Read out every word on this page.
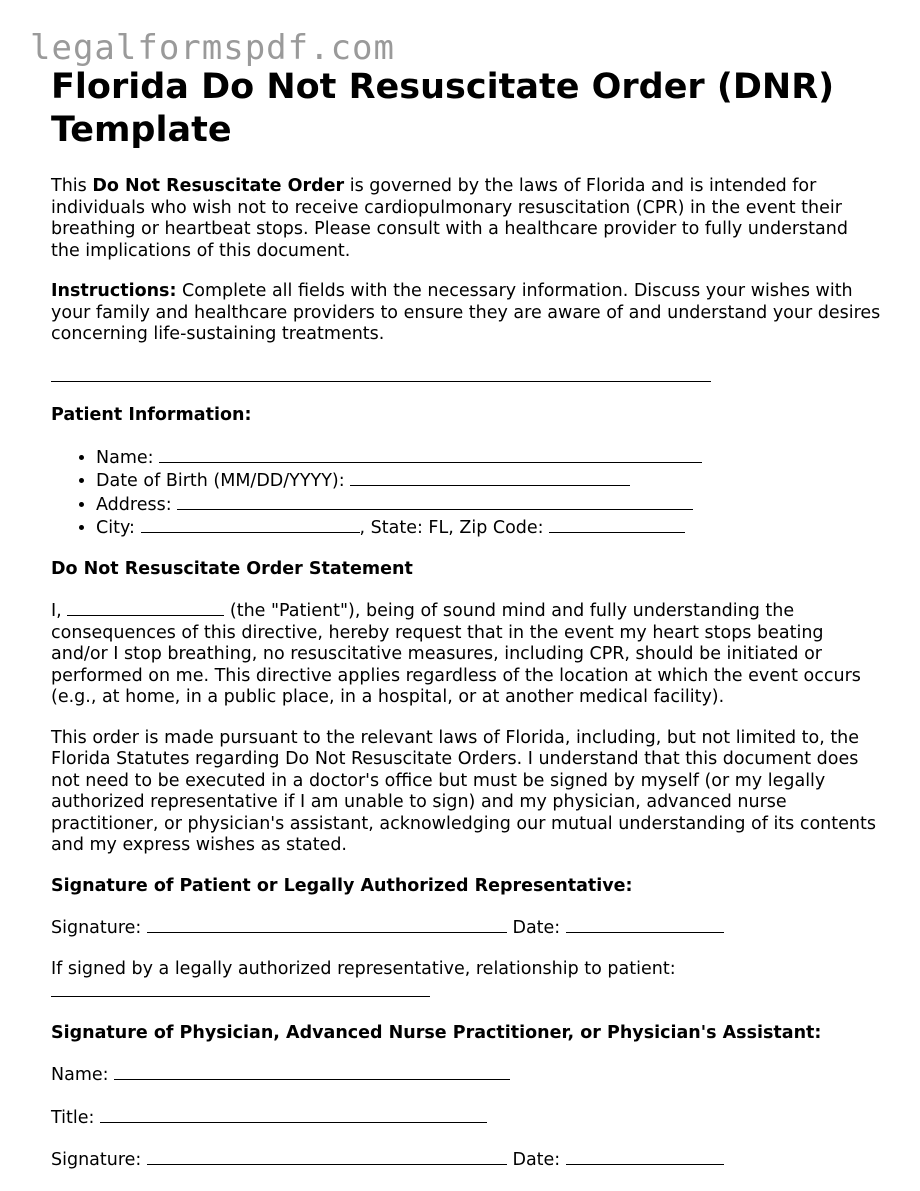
legalformspdf.com
Florida Do Not Resuscitate Order (DNR) Template

This Do Not Resuscitate Order is governed by the laws of Florida and is intended for individuals who wish not to receive cardiopulmonary resuscitation (CPR) in the event their breathing or heartbeat stops. Please consult with a healthcare provider to fully understand the implications of this document.

Instructions: Complete all fields with the necessary information. Discuss your wishes with your family and healthcare providers to ensure they are aware of and understand your desires concerning life-sustaining treatments.

Patient Information:

• Name:
• Date of Birth (MM/DD/YYYY):
• Address:
• City:	, State: FL, Zip Code:

Do Not Resuscitate Order Statement

I,	(the "Patient"), being of sound mind and fully understanding the consequences of this directive, hereby request that in the event my heart stops beating and/or I stop breathing, no resuscitative measures, including CPR, should be initiated or performed on me. This directive applies regardless of the location at which the event occurs (e.g., at home, in a public place, in a hospital, or at another medical facility).

This order is made pursuant to the relevant laws of Florida, including, but not limited to, the Florida Statutes regarding Do Not Resuscitate Orders. I understand that this document does not need to be executed in a doctor's office but must be signed by myself (or my legally authorized representative if I am unable to sign) and my physician, advanced nurse practitioner, or physician's assistant, acknowledging our mutual understanding of its contents and my express wishes as stated.

Signature of Patient or Legally Authorized Representative:

Signature:	Date:

If signed by a legally authorized representative, relationship to patient:

Signature of Physician, Advanced Nurse Practitioner, or Physician's Assistant:

Name:

Title:

Signature:	Date:
